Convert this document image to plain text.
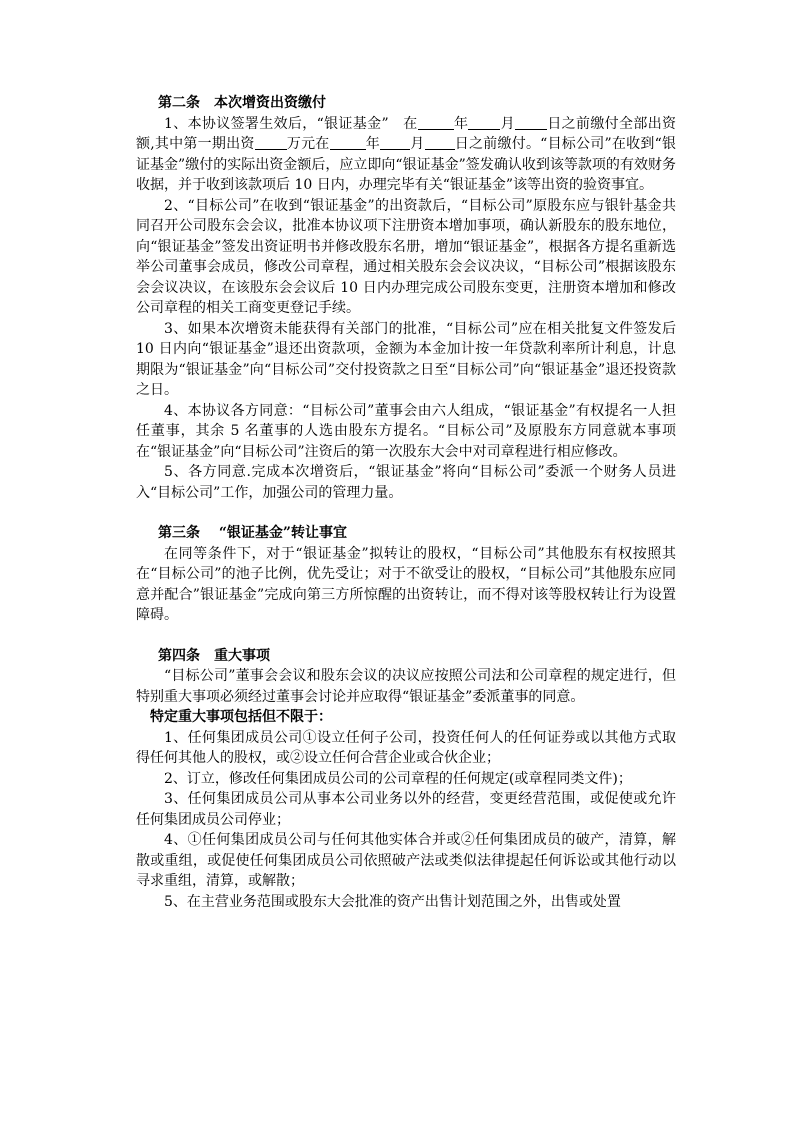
第二条　本次增资出资缴付

1、本协议签署生效后，“银证基金”　在	年 月 日之前缴付全部出资额,其中第一期出资 万元在	年 月 日之前缴付。“目标公司”在收到“银证基金”缴付的实际出资金额后，应立即向“银证基金”签发确认收到该等款项的有效财务收据，并于收到该款项后 10 日内，办理完毕有关“银证基金”该等出资的验资事宜。

2、“目标公司”在收到“银证基金”的出资款后，“目标公司”原股东应与银针基金共同召开公司股东会会议，批准本协议项下注册资本增加事项，确认新股东的股东地位，向“银证基金”签发出资证明书并修改股东名册，增加“银证基金”，根据各方提名重新选举公司董事会成员，修改公司章程，通过相关股东会会议决议，“目标公司”根据该股东会会议决议，在该股东会会议后 10 日内办理完成公司股东变更，注册资本增加和修改公司章程的相关工商变更登记手续。

3、如果本次增资未能获得有关部门的批准，“目标公司”应在相关批复文件签发后 10 日内向“银证基金”退还出资款项，金额为本金加计按一年贷款利率所计利息，计息期限为“银证基金”向“目标公司”交付投资款之日至“目标公司”向“银证基金”退还投资款之日。

4、本协议各方同意：“目标公司”董事会由六人组成，“银证基金”有权提名一人担任董事，其余 5 名董事的人选由股东方提名。“目标公司”及原股东方同意就本事项在“银证基金”向“目标公司”注资后的第一次股东大会中对司章程进行相应修改。

5、各方同意.完成本次增资后，“银证基金”将向“目标公司”委派一个财务人员进入“目标公司”工作，加强公司的管理力量。

第三条　 “银证基金”转让事宜

在同等条件下，对于“银证基金”拟转让的股权，“目标公司”其他股东有权按照其在“目标公司”的池子比例，优先受让；对于不欲受让的股权，“目标公司”其他股东应同意并配合”银证基金”完成向第三方所惊醒的出资转让，而不得对该等股权转让行为设置障碍。

第四条　重大事项

“目标公司”董事会会议和股东会议的决议应按照公司法和公司章程的规定进行，但特别重大事项必须经过董事会讨论并应取得“银证基金”委派董事的同意。

特定重大事项包括但不限于：

1、任何集团成员公司①设立任何子公司，投资任何人的任何证券或以其他方式取得任何其他人的股权，或②设立任何合营企业或合伙企业；

2、订立，修改任何集团成员公司的公司章程的任何规定(或章程同类文件)；

3、任何集团成员公司从事本公司业务以外的经营，变更经营范围，或促使或允许任何集团成员公司停业；

4、①任何集团成员公司与任何其他实体合并或②任何集团成员的破产，清算，解散或重组，或促使任何集团成员公司依照破产法或类似法律提起任何诉讼或其他行动以寻求重组，清算，或解散；

5、在主营业务范围或股东大会批准的资产出售计划范围之外，出售或处置
